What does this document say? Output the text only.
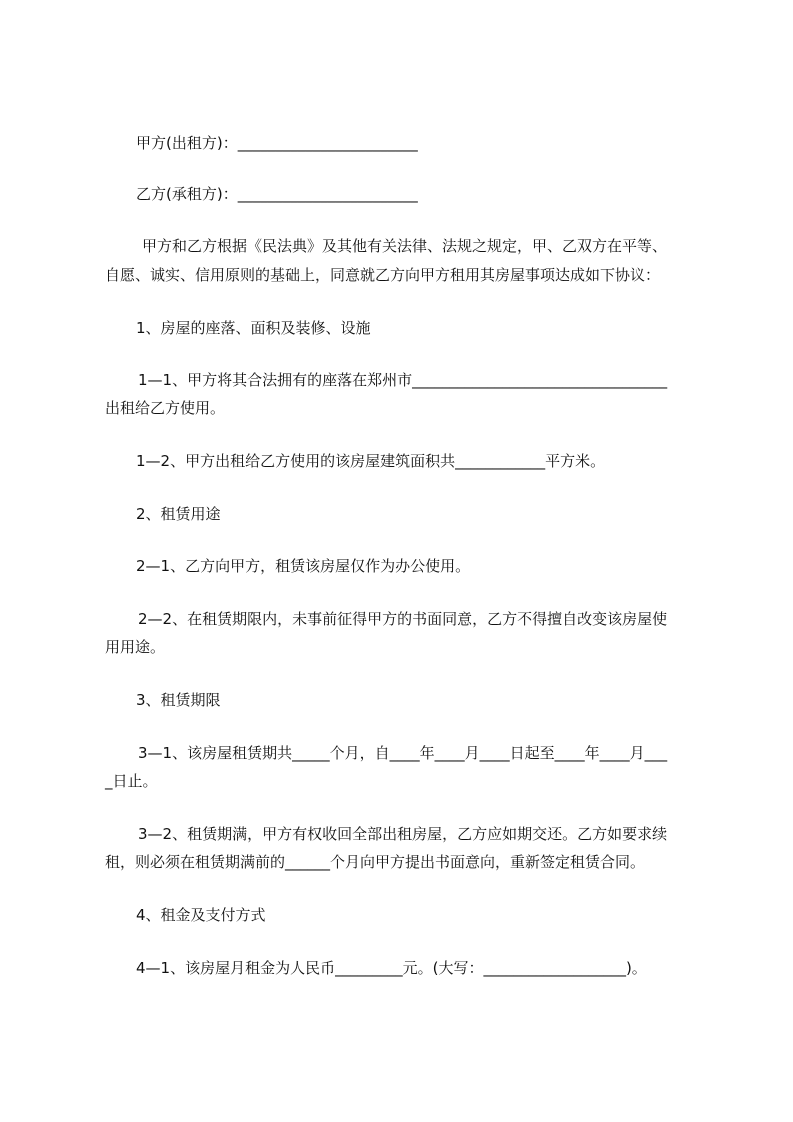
甲方(出租方)：________________________
乙方(承租方)：________________________
甲方和乙方根据《民法典》及其他有关法律、法规之规定，甲、乙双方在平等、
自愿、诚实、信用原则的基础上，同意就乙方向甲方租用其房屋事项达成如下协议：
1、房屋的座落、面积及装修、设施
1—1、甲方将其合法拥有的座落在郑州市__________________________________
出租给乙方使用。
1—2、甲方出租给乙方使用的该房屋建筑面积共____________平方米。
2、租赁用途
2—1、乙方向甲方，租赁该房屋仅作为办公使用。
2—2、在租赁期限内，未事前征得甲方的书面同意，乙方不得擅自改变该房屋使
用用途。
3、租赁期限
3—1、该房屋租赁期共_____个月，自____年____月____日起至____年____月___
_日止。
3—2、租赁期满，甲方有权收回全部出租房屋，乙方应如期交还。乙方如要求续
租，则必须在租赁期满前的______个月向甲方提出书面意向，重新签定租赁合同。
4、租金及支付方式
4—1、该房屋月租金为人民币_________元。(大写：___________________)。
